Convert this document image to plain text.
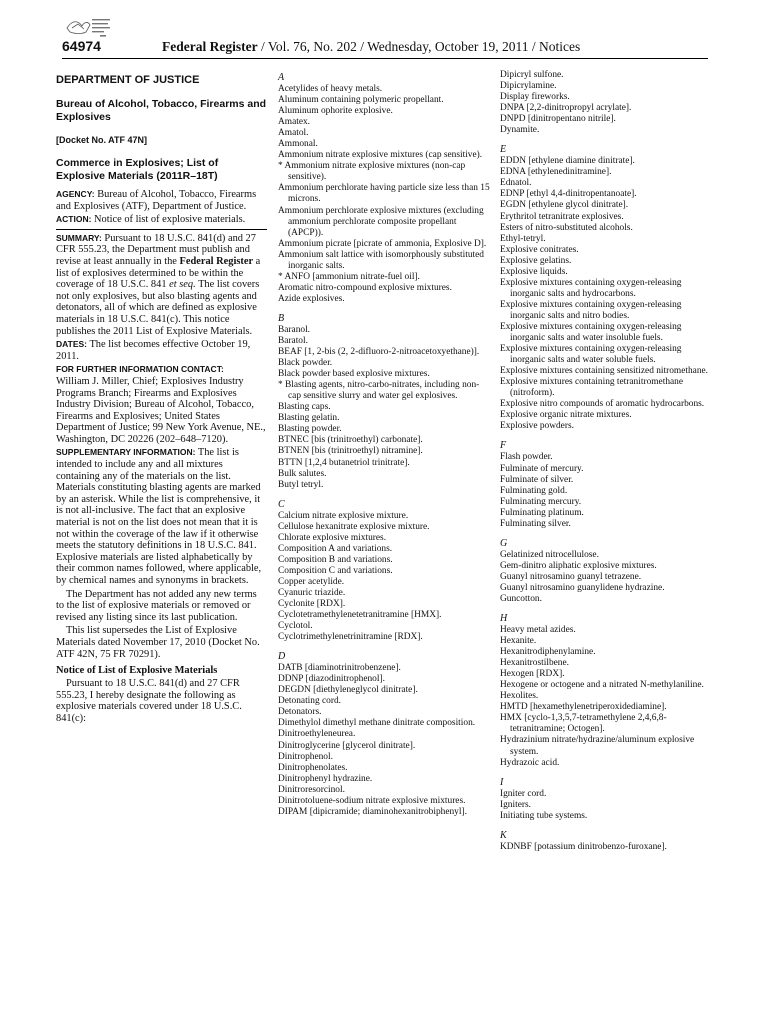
64974	Federal Register / Vol. 76, No. 202 / Wednesday, October 19, 2011 / Notices
DEPARTMENT OF JUSTICE
Bureau of Alcohol, Tobacco, Firearms and Explosives
[Docket No. ATF 47N]
Commerce in Explosives; List of Explosive Materials (2011R–18T)

AGENCY: Bureau of Alcohol, Tobacco, Firearms and Explosives (ATF), Department of Justice.

ACTION: Notice of list of explosive materials.

SUMMARY: Pursuant to 18 U.S.C. 841(d) and 27 CFR 555.23, the Department must publish and revise at least annually in the Federal Register a list of explosives determined to be within the coverage of 18 U.S.C. 841 et seq. The list covers not only explosives, but also blasting agents and detonators, all of which are defined as explosive materials in 18 U.S.C. 841(c). This notice publishes the 2011 List of Explosive Materials.

DATES: The list becomes effective October 19, 2011.

FOR FURTHER INFORMATION CONTACT:
William J. Miller, Chief; Explosives Industry Programs Branch; Firearms and Explosives Industry Division; Bureau of Alcohol, Tobacco, Firearms and Explosives; United States Department of Justice; 99 New York Avenue, NE., Washington, DC 20226 (202–648–7120).

SUPPLEMENTARY INFORMATION: The list is intended to include any and all mixtures containing any of the materials on the list. Materials constituting blasting agents are marked by an asterisk. While the list is comprehensive, it is not all-inclusive. The fact that an explosive material is not on the list does not mean that it is not within the coverage of the law if it otherwise meets the statutory definitions in 18 U.S.C. 841. Explosive materials are listed alphabetically by their common names followed, where applicable, by chemical names and synonyms in brackets.

The Department has not added any new terms to the list of explosive materials or removed or revised any listing since its last publication.

This list supersedes the List of Explosive Materials dated November 17, 2010 (Docket No. ATF 42N, 75 FR 70291).

Notice of List of Explosive Materials

Pursuant to 18 U.S.C. 841(d) and 27 CFR 555.23, I hereby designate the following as explosive materials covered under 18 U.S.C. 841(c):

A
Acetylides of heavy metals.
Aluminum containing polymeric propellant.
Aluminum ophorite explosive.
Amatex.
Amatol.
Ammonal.
Ammonium nitrate explosive mixtures (cap sensitive).
* Ammonium nitrate explosive mixtures (non-cap sensitive).
Ammonium perchlorate having particle size less than 15 microns.
Ammonium perchlorate explosive mixtures (excluding ammonium perchlorate composite propellant (APCP)).
Ammonium picrate [picrate of ammonia, Explosive D].
Ammonium salt lattice with isomorphously substituted inorganic salts.
* ANFO [ammonium nitrate-fuel oil].
Aromatic nitro-compound explosive mixtures.
Azide explosives.
B
Baranol.
Baratol.
BEAF [1, 2-bis (2, 2-difluoro-2-nitroacetoxyethane)].
Black powder.
Black powder based explosive mixtures.
* Blasting agents, nitro-carbo-nitrates, including non-cap sensitive slurry and water gel explosives.
Blasting caps.
Blasting gelatin.
Blasting powder.
BTNEC [bis (trinitroethyl) carbonate].
BTNEN [bis (trinitroethyl) nitramine].
BTTN [1,2,4 butanetriol trinitrate].
Bulk salutes.
Butyl tetryl.
C
Calcium nitrate explosive mixture.
Cellulose hexanitrate explosive mixture.
Chlorate explosive mixtures.
Composition A and variations.
Composition B and variations.
Composition C and variations.
Copper acetylide.
Cyanuric triazide.
Cyclonite [RDX].
Cyclotetramethylenetetranitramine [HMX].
Cyclotol.
Cyclotrimethylenetrinitramine [RDX].
D
DATB [diaminotrinitrobenzene].
DDNP [diazodinitrophenol].
DEGDN [diethyleneglycol dinitrate].
Detonating cord.
Detonators.
Dimethylol dimethyl methane dinitrate composition.
Dinitroethyleneurea.
Dinitroglycerine [glycerol dinitrate].
Dinitrophenol.
Dinitrophenolates.
Dinitrophenyl hydrazine.
Dinitroresorcinol.
Dinitrotoluene-sodium nitrate explosive mixtures.
DIPAM [dipicramide; diaminohexanitrobiphenyl].
Dipicryl sulfone.
Dipicrylamine.
Display fireworks.
DNPA [2,2-dinitropropyl acrylate].
DNPD [dinitropentano nitrile].
Dynamite.
E
EDDN [ethylene diamine dinitrate].
EDNA [ethylenedinitramine].
Ednatol.
EDNP [ethyl 4,4-dinitropentanoate].
EGDN [ethylene glycol dinitrate].
Erythritol tetranitrate explosives.
Esters of nitro-substituted alcohols.
Ethyl-tetryl.
Explosive conitrates.
Explosive gelatins.
Explosive liquids.
Explosive mixtures containing oxygen-releasing inorganic salts and hydrocarbons.
Explosive mixtures containing oxygen-releasing inorganic salts and nitro bodies.
Explosive mixtures containing oxygen-releasing inorganic salts and water insoluble fuels.
Explosive mixtures containing oxygen-releasing inorganic salts and water soluble fuels.
Explosive mixtures containing sensitized nitromethane.
Explosive mixtures containing tetranitromethane (nitroform).
Explosive nitro compounds of aromatic hydrocarbons.
Explosive organic nitrate mixtures.
Explosive powders.
F
Flash powder.
Fulminate of mercury.
Fulminate of silver.
Fulminating gold.
Fulminating mercury.
Fulminating platinum.
Fulminating silver.
G
Gelatinized nitrocellulose.
Gem-dinitro aliphatic explosive mixtures.
Guanyl nitrosamino guanyl tetrazene.
Guanyl nitrosamino guanylidene hydrazine.
Guncotton.
H
Heavy metal azides.
Hexanite.
Hexanitrodiphenylamine.
Hexanitrostilbene.
Hexogen [RDX].
Hexogene or octogene and a nitrated N-methylaniline.
Hexolites.
HMTD [hexamethylenetriperoxidediamine].
HMX [cyclo-1,3,5,7-tetramethylene 2,4,6,8-tetranitramine; Octogen].
Hydrazinium nitrate/hydrazine/aluminum explosive system.
Hydrazoic acid.
I
Igniter cord.
Igniters.
Initiating tube systems.
K
KDNBF [potassium dinitrobenzo-furoxane].
